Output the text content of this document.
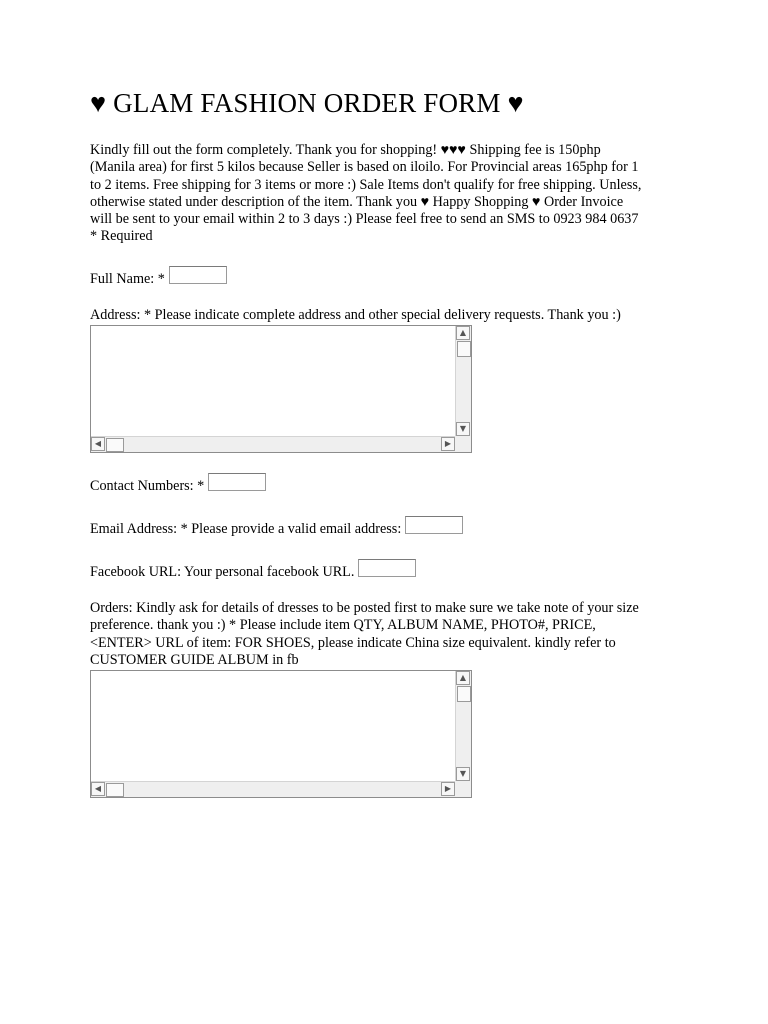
♥ GLAM FASHION ORDER FORM ♥

Kindly fill out the form completely. Thank you for shopping! ♥♥♥ Shipping fee is 150php
(Manila area) for first 5 kilos because Seller is based on iloilo. For Provincial areas 165php for 1
to 2 items. Free shipping for 3 items or more :) Sale Items don't qualify for free shipping. Unless,
otherwise stated under description of the item. Thank you ♥ Happy Shopping ♥ Order Invoice
will be sent to your email within 2 to 3 days :) Please feel free to send an SMS to 0923 984 0637
* Required

Full Name: *

Address: * Please indicate complete address and other special delivery requests. Thank you :)

▲
▼
◀	▶
Contact Numbers: *
Email Address: * Please provide a valid email address:
Facebook URL: Your personal facebook URL.

Orders: Kindly ask for details of dresses to be posted first to make sure we take note of your size
preference. thank you :) * Please include item QTY, ALBUM NAME, PHOTO#, PRICE,
<ENTER> URL of item: FOR SHOES, please indicate China size equivalent. kindly refer to
CUSTOMER GUIDE ALBUM in fb

▲
▼
◀	▶
